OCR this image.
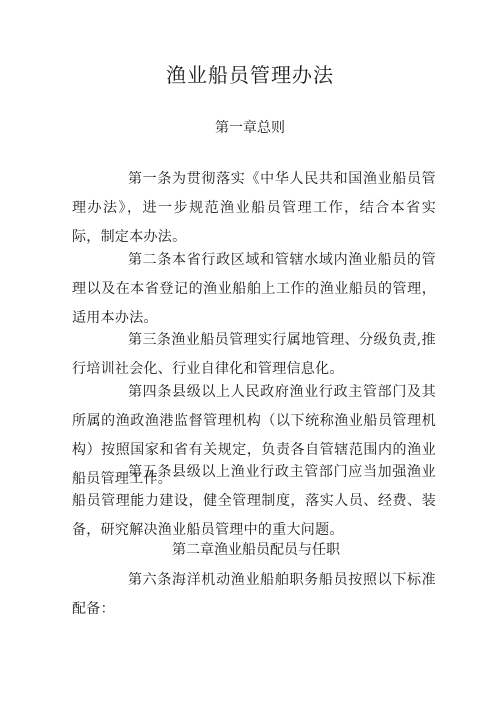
渔业船员管理办法
第一章总则
第一条为贯彻落实《中华人民共和国渔业船员管理办法》，进一步规范渔业船员管理工作，结合本省实际，制定本办法。
第二条本省行政区域和管辖水域内渔业船员的管理以及在本省登记的渔业船舶上工作的渔业船员的管理，适用本办法。
第三条渔业船员管理实行属地管理、分级负责,推行培训社会化、行业自律化和管理信息化。
第四条县级以上人民政府渔业行政主管部门及其所属的渔政渔港监督管理机构（以下统称渔业船员管理机构）按照国家和省有关规定，负责各自管辖范围内的渔业船员管理工作。
第五条县级以上渔业行政主管部门应当加强渔业船员管理能力建设，健全管理制度，落实人员、经费、装备，研究解决渔业船员管理中的重大问题。
第二章渔业船员配员与任职
第六条海洋机动渔业船舶职务船员按照以下标准配备：
